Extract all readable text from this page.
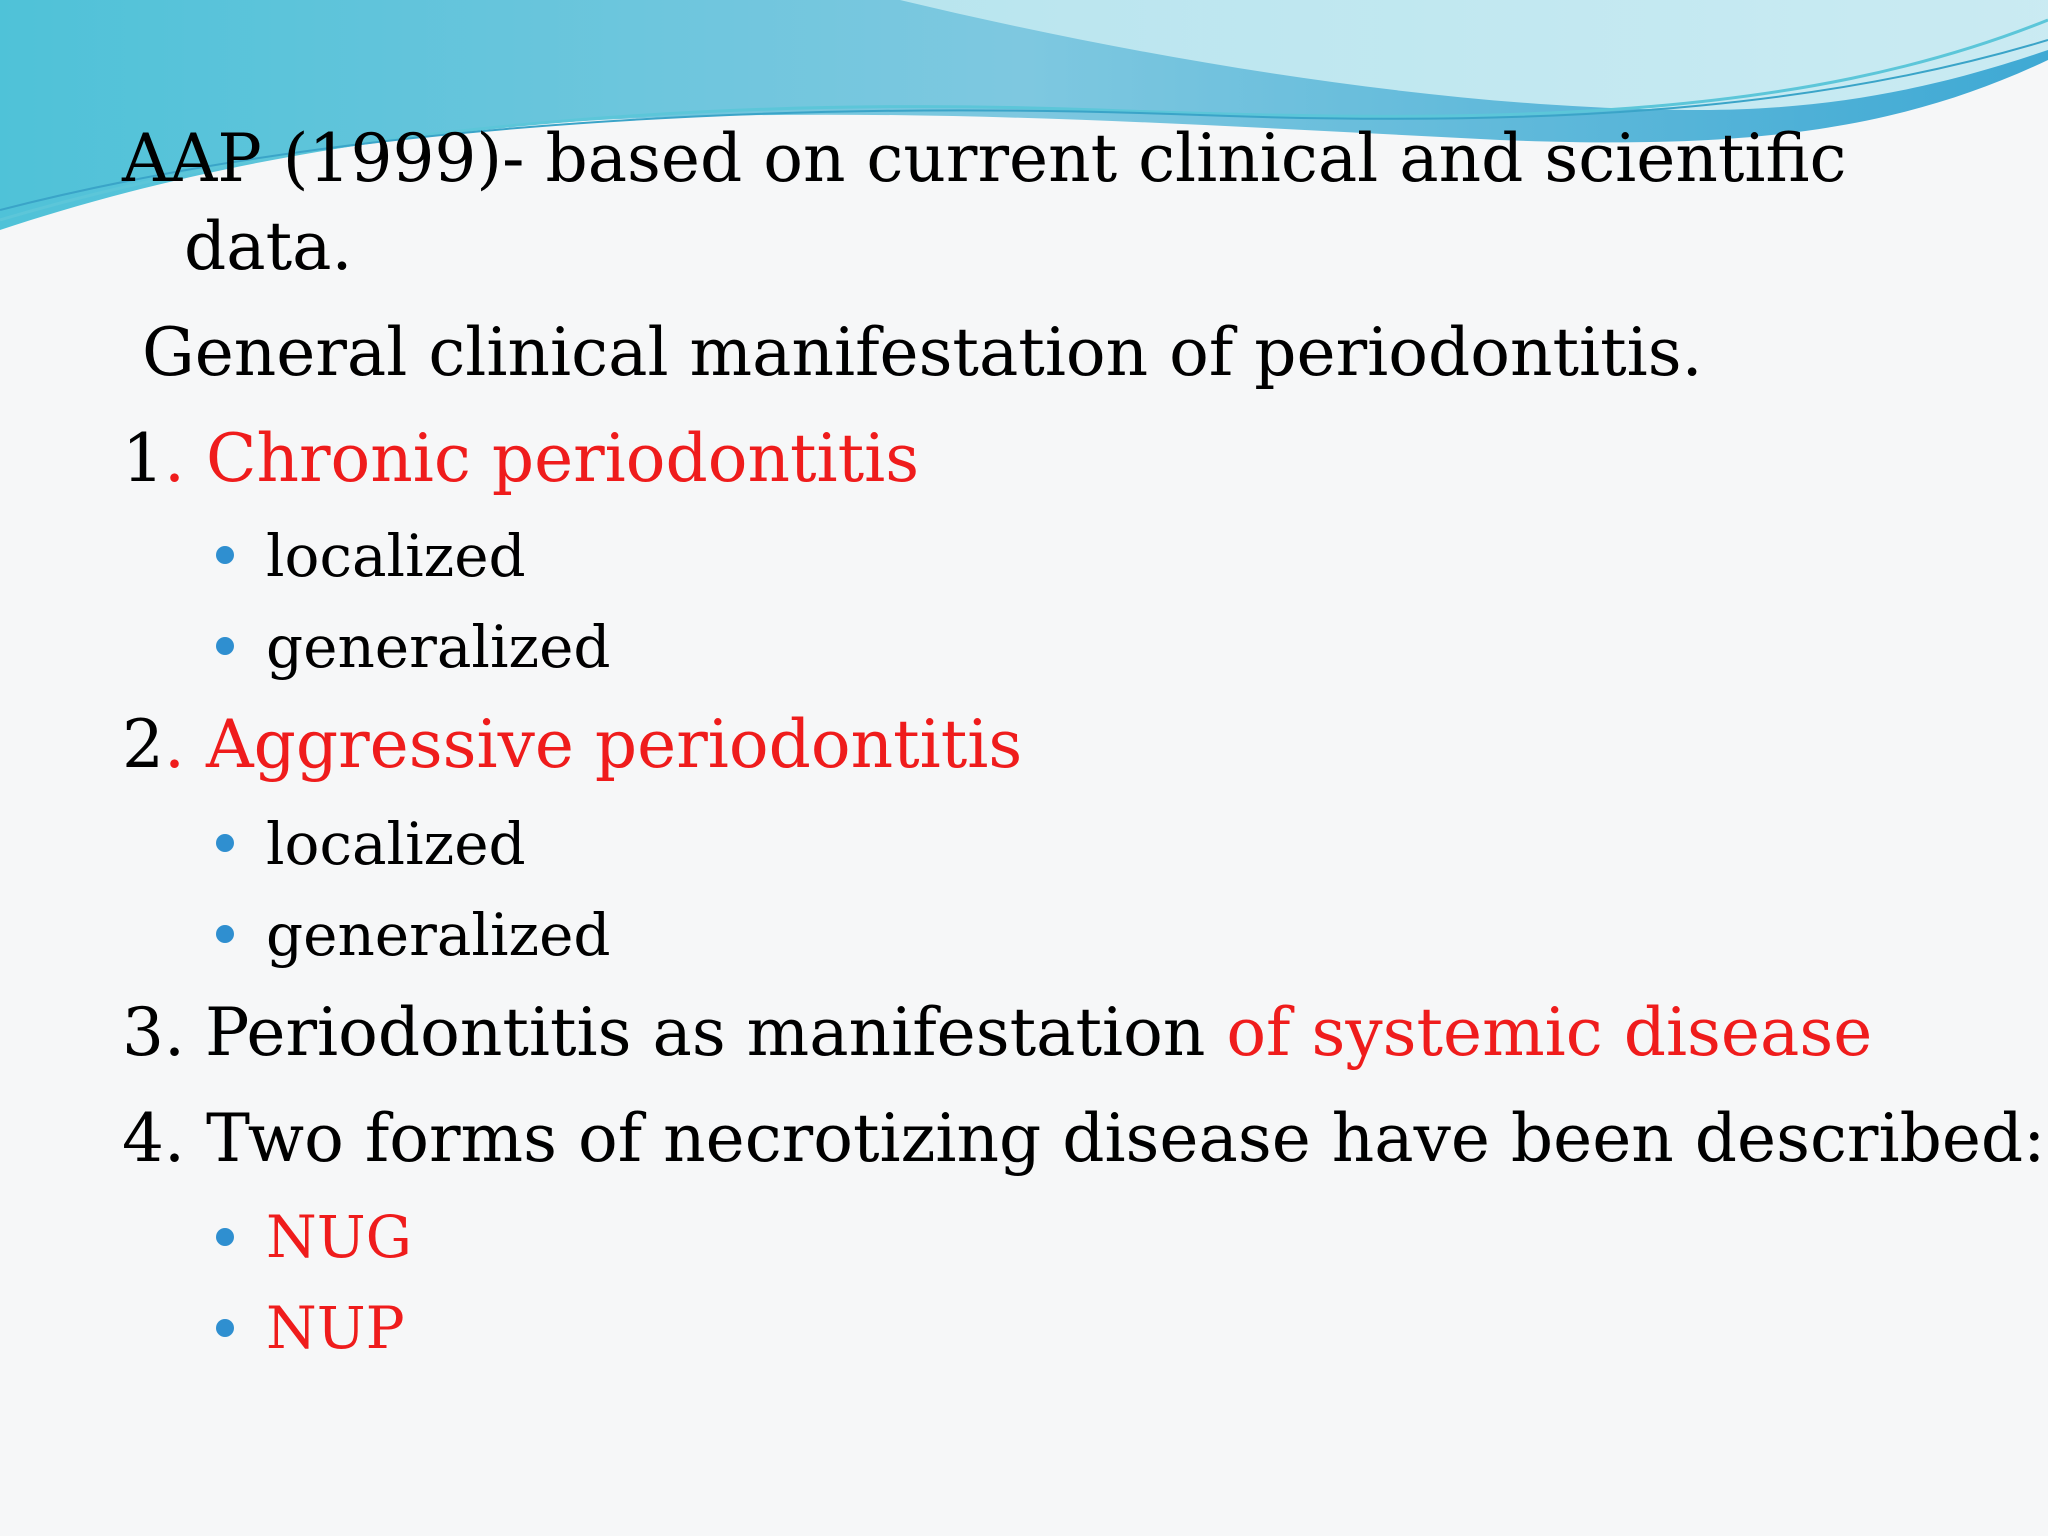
AAP (1999)- based on current clinical and scientific
data.
General clinical manifestation of periodontitis.
1. Chronic periodontitis
localized
generalized
2. Aggressive periodontitis
localized
generalized
3. Periodontitis as manifestation of systemic disease
4. Two forms of necrotizing disease have been described:
NUG
NUP
